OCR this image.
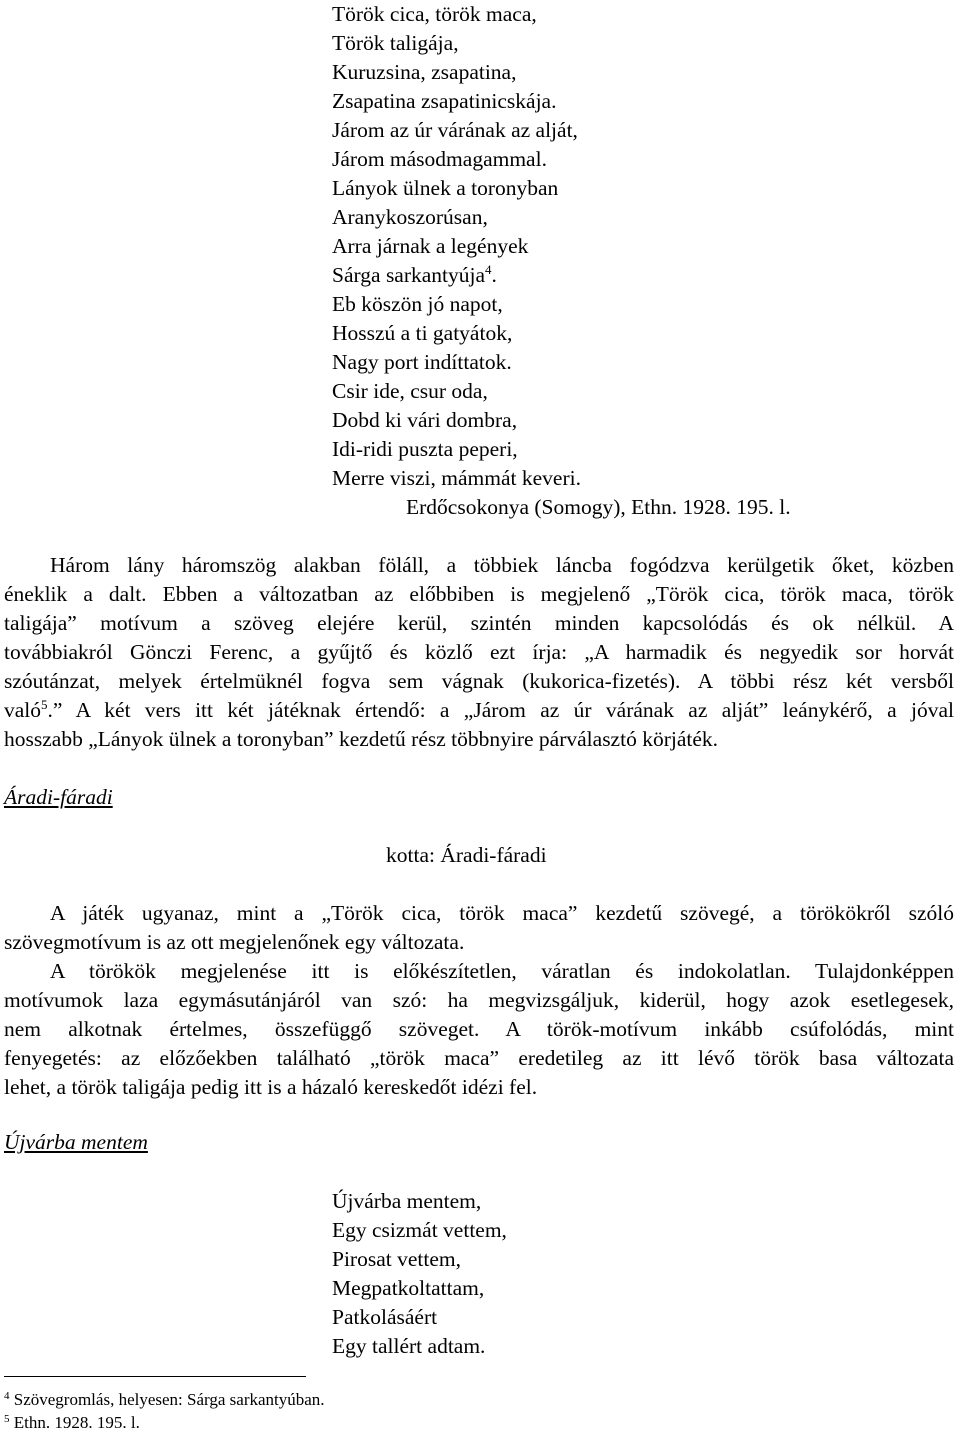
Török cica, török maca,
Török taligája,
Kuruzsina, zsapatina,
Zsapatina zsapatinicskája.
Járom az úr várának az alját,
Járom másodmagammal.
Lányok ülnek a toronyban
Aranykoszorúsan,
Arra járnak a legények
Sárga sarkantyúja$^4$.
Eb köszön jó napot,
Hosszú a ti gatyátok,
Nagy port indíttatok.
Csir ide, csur oda,
Dobd ki vári dombra,
Idi-ridi puszta peperi,
Merre viszi, mámmát keveri.
Erdőcsokonya (Somogy), Ethn. 1928. 195. l.
Három lány háromszög alakban föláll, a többiek láncba fogódzva kerülgetik őket, közben
éneklik a dalt. Ebben a változatban az előbbiben is megjelenő „Török cica, török maca, török
taligája” motívum a szöveg elejére kerül, szintén minden kapcsolódás és ok nélkül. A
továbbiakról Gönczi Ferenc, a gyűjtő és közlő ezt írja: „A harmadik és negyedik sor horvát
szóutánzat, melyek értelmüknél fogva sem vágnak (kukorica-fizetés). A többi rész két versből
való$^5$.” A két vers itt két játéknak értendő: a „Járom az úr várának az alját” leánykérő, a jóval
hosszabb „Lányok ülnek a toronyban” kezdetű rész többnyire párválasztó körjáték.
Áradi-fáradi
kotta: Áradi-fáradi
A játék ugyanaz, mint a „Török cica, török maca” kezdetű szövegé, a törökökről szóló
szövegmotívum is az ott megjelenőnek egy változata.
A törökök megjelenése itt is előkészítetlen, váratlan és indokolatlan. Tulajdonképpen
motívumok laza egymásutánjáról van szó: ha megvizsgáljuk, kiderül, hogy azok esetlegesek,
nem alkotnak értelmes, összefüggő szöveget. A török-motívum inkább csúfolódás, mint
fenyegetés: az előzőekben található „török maca” eredetileg az itt lévő török basa változata
lehet, a török taligája pedig itt is a házaló kereskedőt idézi fel.
Újvárba mentem
Újvárba mentem,
Egy csizmát vettem,
Pirosat vettem,
Megpatkoltattam,
Patkolásáért
Egy tallért adtam.
$^4$ Szövegromlás, helyesen: Sárga sarkantyúban.
$^5$ Ethn. 1928. 195. l.
